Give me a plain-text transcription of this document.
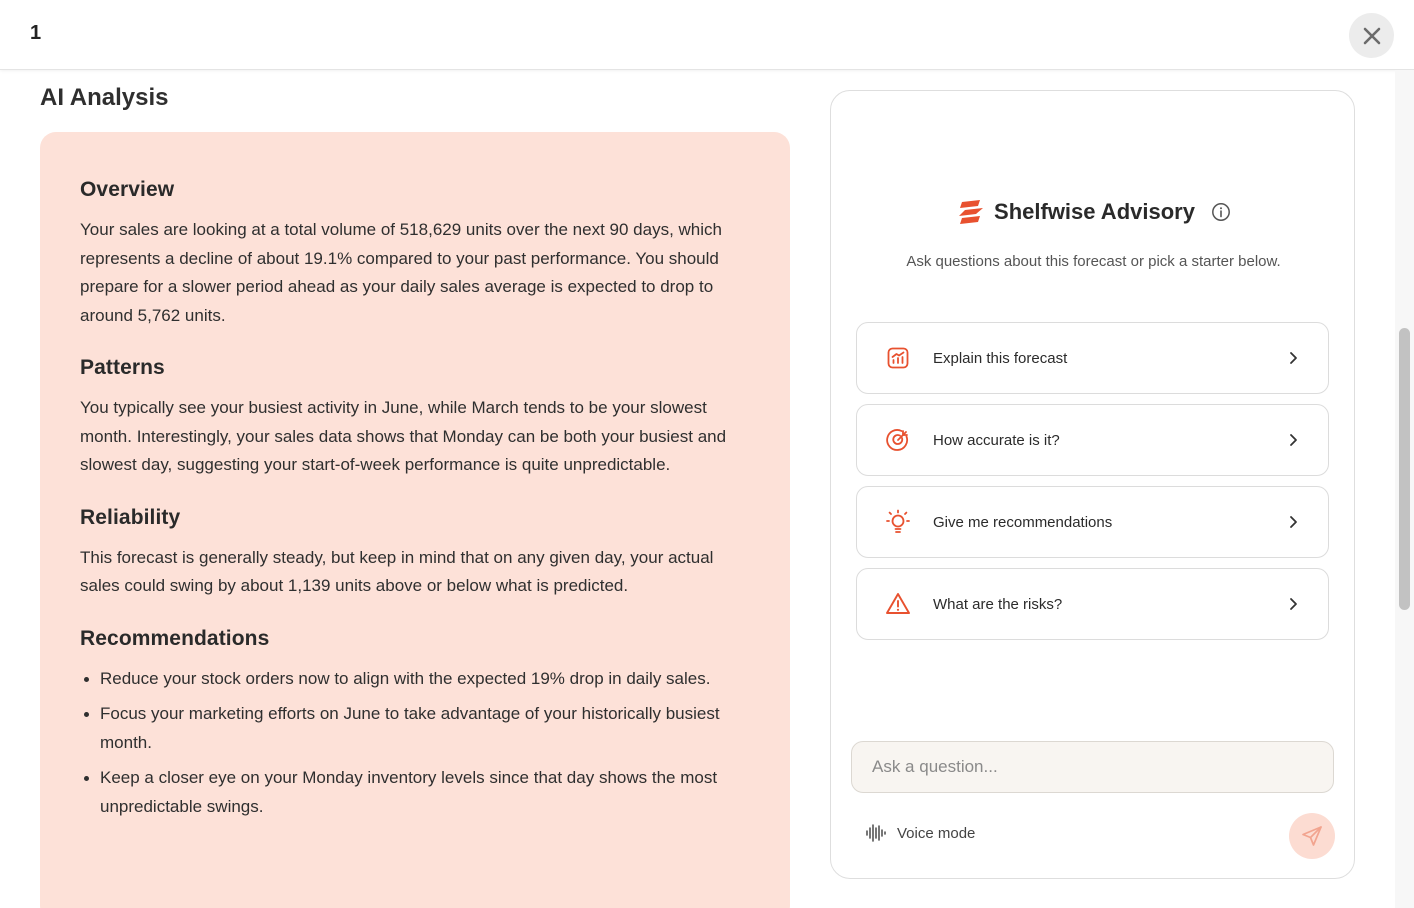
1
AI Analysis
Overview

Your sales are looking at a total volume of 518,629 units over the next 90 days, which represents a decline of about 19.1% compared to your past performance. You should prepare for a slower period ahead as your daily sales average is expected to drop to around 5,762 units.

Patterns

You typically see your busiest activity in June, while March tends to be your slowest month. Interestingly, your sales data shows that Monday can be both your busiest and slowest day, suggesting your start-of-week performance is quite unpredictable.

Reliability

This forecast is generally steady, but keep in mind that on any given day, your actual sales could swing by about 1,139 units above or below what is predicted.

Recommendations
Reduce your stock orders now to align with the expected 19% drop in daily sales.
Focus your marketing efforts on June to take advantage of your historically busiest month.
Keep a closer eye on your Monday inventory levels since that day shows the most unpredictable swings.
Shelfwise Advisory
Ask questions about this forecast or pick a starter below.
Explain this forecast
How accurate is it?
Give me recommendations
What are the risks?
Ask a question...
Voice mode
